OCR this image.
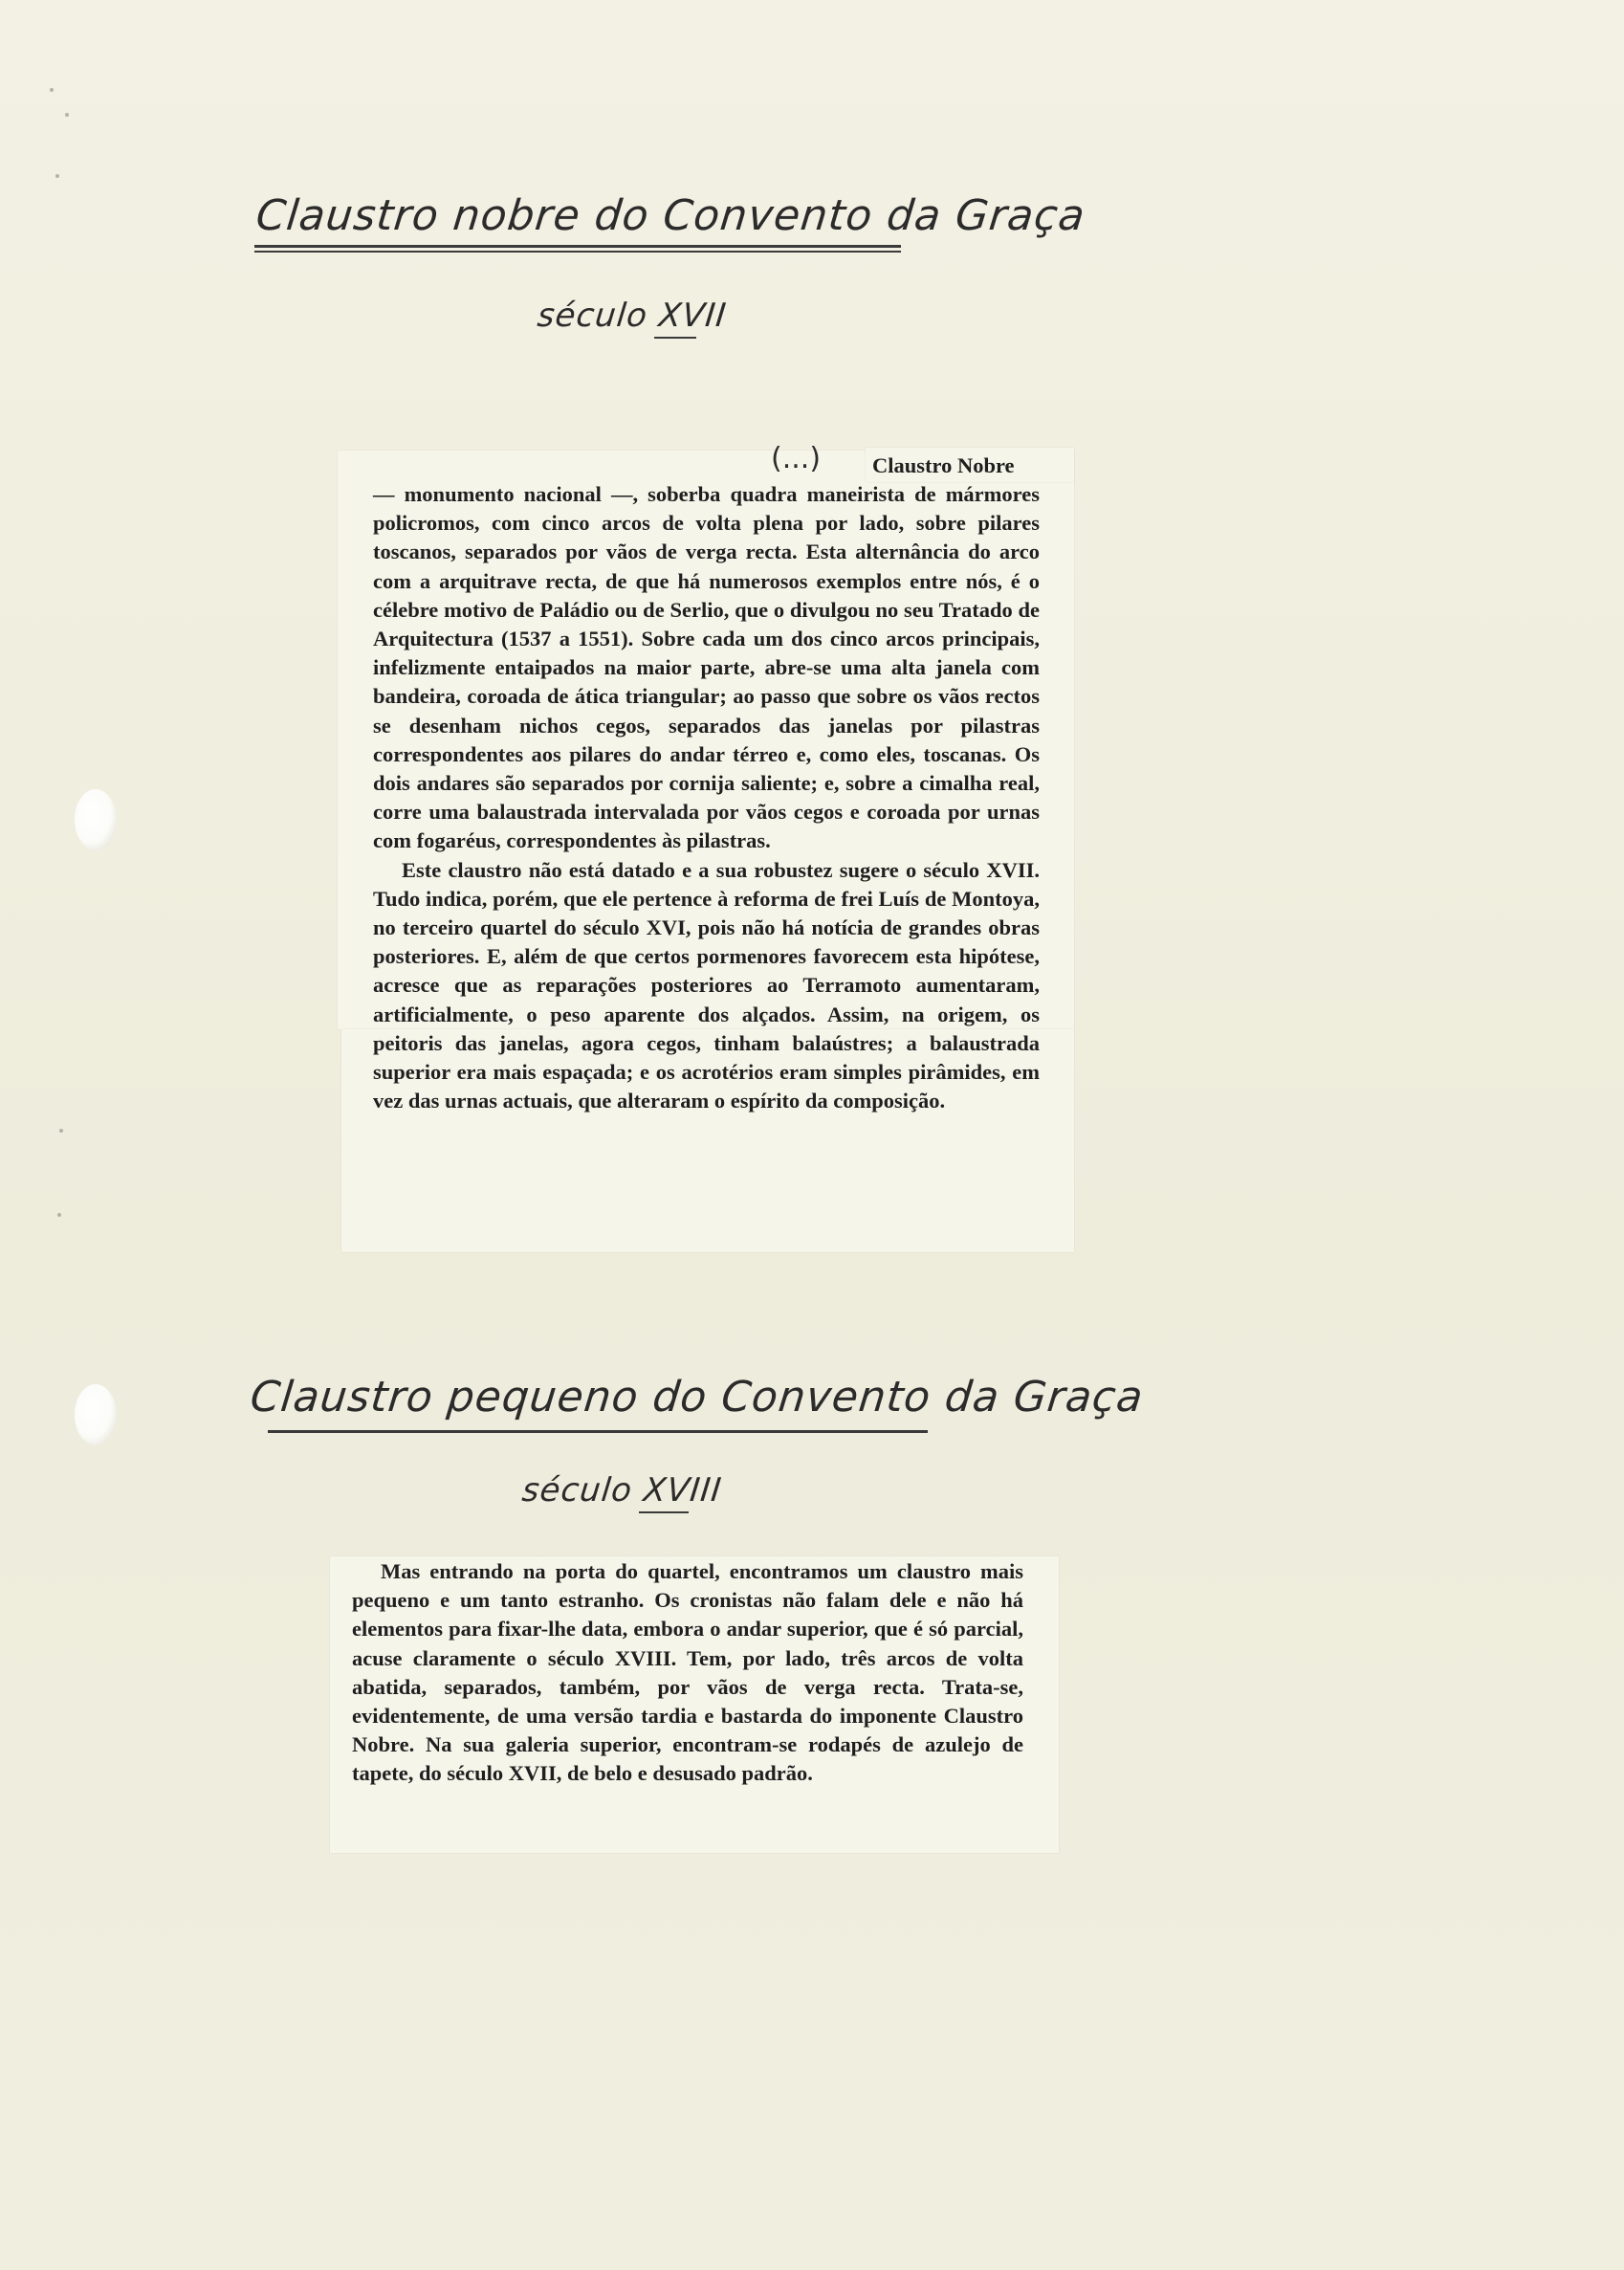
Claustro nobre do Convento da Graça
século XVII
(...) Claustro Nobre

— monumento nacional —, soberba quadra maneirista de mármores policromos, com cinco arcos de volta plena por lado, sobre pilares toscanos, separados por vãos de verga recta. Esta alternância do arco com a arquitrave recta, de que há numerosos exemplos entre nós, é o célebre motivo de Paládio ou de Serlio, que o divulgou no seu Tratado de Arquitectura (1537 a 1551). Sobre cada um dos cinco arcos principais, infelizmente entaipados na maior parte, abre-se uma alta janela com bandeira, coroada de ática triangular; ao passo que sobre os vãos rectos se desenham nichos cegos, separados das janelas por pilastras correspondentes aos pilares do andar térreo e, como eles, toscanas. Os dois andares são separados por cornija saliente; e, sobre a cimalha real, corre uma balaustrada intervalada por vãos cegos e coroada por urnas com fogaréus, correspondentes às pilastras.

Este claustro não está datado e a sua robustez sugere o século XVII. Tudo indica, porém, que ele pertence à reforma de frei Luís de Montoya, no terceiro quartel do século XVI, pois não há notícia de grandes obras posteriores. E, além de que certos pormenores favorecem esta hipótese, acresce que as reparações posteriores ao Terramoto aumentaram, artificialmente, o peso aparente dos alçados. Assim, na origem, os peitoris das janelas, agora cegos, tinham balaústres; a balaustrada superior era mais espaçada; e os acrotérios eram simples pirâmides, em vez das urnas actuais, que alteraram o espírito da composição.

Claustro pequeno do Convento da Graça
século XVIII

Mas entrando na porta do quartel, encontramos um claustro mais pequeno e um tanto estranho. Os cronistas não falam dele e não há elementos para fixar-lhe data, embora o andar superior, que é só parcial, acuse claramente o século XVIII. Tem, por lado, três arcos de volta abatida, separados, também, por vãos de verga recta. Trata-se, evidentemente, de uma versão tardia e bastarda do imponente Claustro Nobre. Na sua galeria superior, encontram-se rodapés de azulejo de tapete, do século XVII, de belo e desusado padrão.
